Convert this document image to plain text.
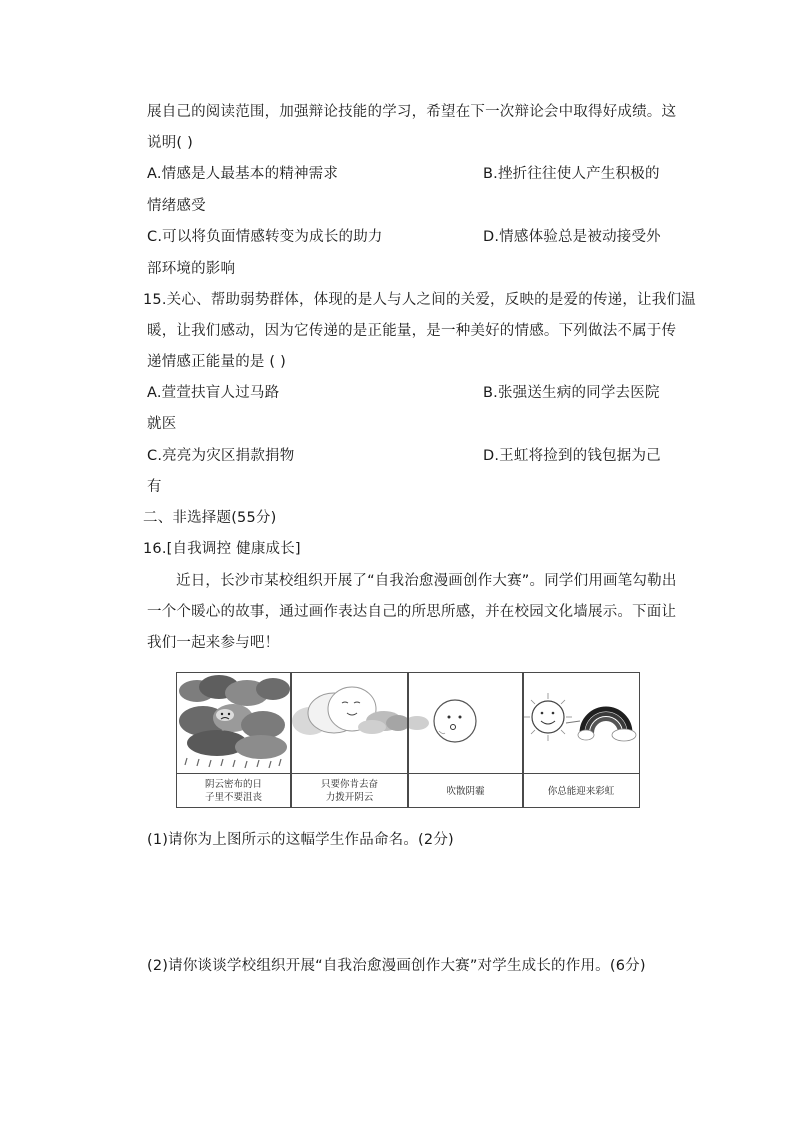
展自己的阅读范围，加强辩论技能的学习，希望在下一次辩论会中取得好成绩。这
说明( )
A.情感是人最基本的精神需求	B.挫折往往使人产生积极的
情绪感受
C.可以将负面情感转变为成长的助力	D.情感体验总是被动接受外
部环境的影响
15.关心、帮助弱势群体，体现的是人与人之间的关爱，反映的是爱的传递，让我们温
暖，让我们感动，因为它传递的是正能量，是一种美好的情感。下列做法不属于传
递情感正能量的是 ( )
A.萱萱扶盲人过马路	B.张强送生病的同学去医院
就医
C.亮亮为灾区捐款捐物	D.王虹将捡到的钱包据为己
有
二、非选择题(55分)
16.[自我调控 健康成长]
近日，长沙市某校组织开展了“自我治愈漫画创作大赛”。同学们用画笔勾勒出
一个个暖心的故事，通过画作表达自己的所思所感，并在校园文化墙展示。下面让
我们一起来参与吧！
阴云密布的日
子里不要沮丧
只要你肯去奋
力拨开阴云
吹散阴霾	你总能迎来彩虹
(1)请你为上图所示的这幅学生作品命名。(2分)
(2)请你谈谈学校组织开展“自我治愈漫画创作大赛”对学生成长的作用。(6分)
